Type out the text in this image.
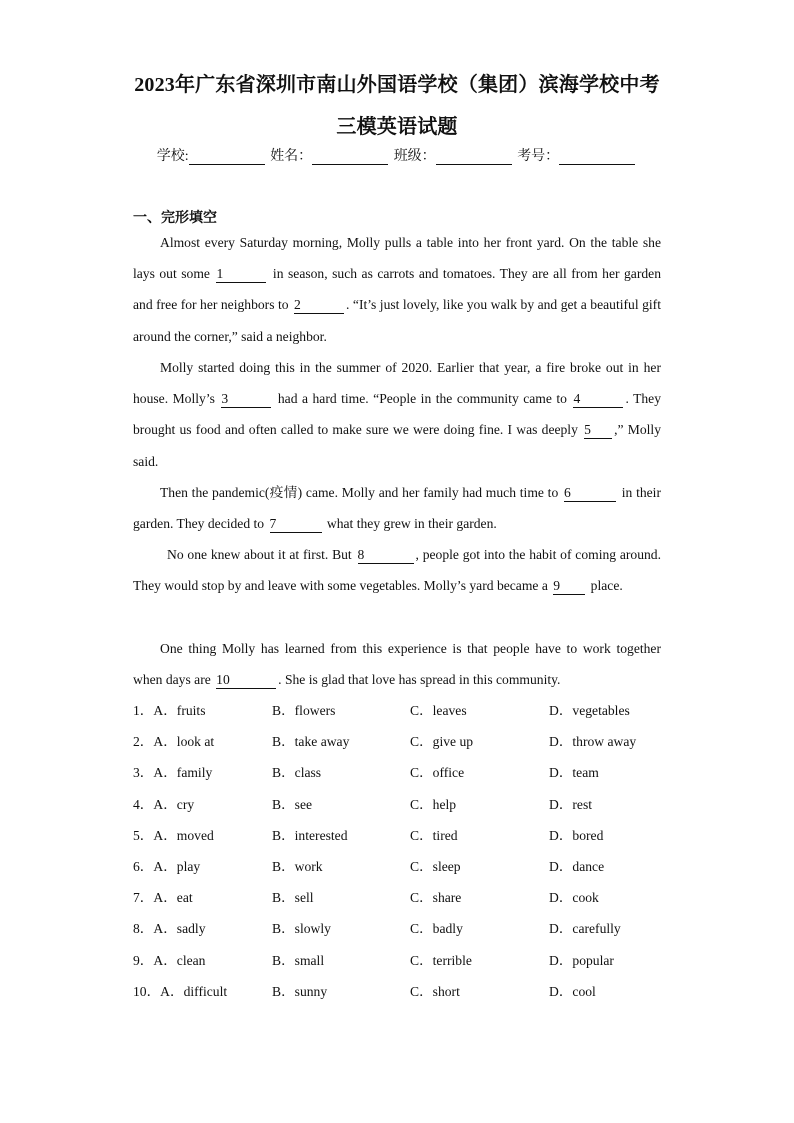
2023年广东省深圳市南山外国语学校（集团）滨海学校中考
三模英语试题
学校:	姓名：	班级：	考号：
一、完形填空
Almost every Saturday morning, Molly pulls a table into her front yard. On the table she lays out some 1	in season, such as carrots and tomatoes. They are all from her garden and free for her neighbors to 2	. “It’s just lovely, like you walk by and get a beautiful gift around the corner,” said a neighbor.
Molly started doing this in the summer of 2020. Earlier that year, a fire broke out in her house. Molly’s 3	had a hard time. “People in the community came to 4	. They brought us food and often called to make sure we were doing fine. I was deeply 5 ,” Molly said.
Then the pandemic(疫情) came. Molly and her family had much time to 6	in their garden. They decided to 7	what they grew in their garden.
No one knew about it at first. But 8	, people got into the habit of coming around. They would stop by and leave with some vegetables. Molly’s yard became a 9 place.
One thing Molly has learned from this experience is that people have to work together when days are 10	. She is glad that love has spread in this community.
1．A．fruits	B．flowers	C．leaves	D．vegetables
2．A．look at	B．take away	C．give up	D．throw away
3．A．family	B．class	C．office	D．team
4．A．cry	B．see	C．help	D．rest
5．A．moved	B．interested	C．tired	D．bored
6．A．play	B．work	C．sleep	D．dance
7．A．eat	B．sell	C．share	D．cook
8．A．sadly	B．slowly	C．badly	D．carefully
9．A．clean	B．small	C．terrible	D．popular
10．A．difficult	B．sunny	C．short	D．cool
